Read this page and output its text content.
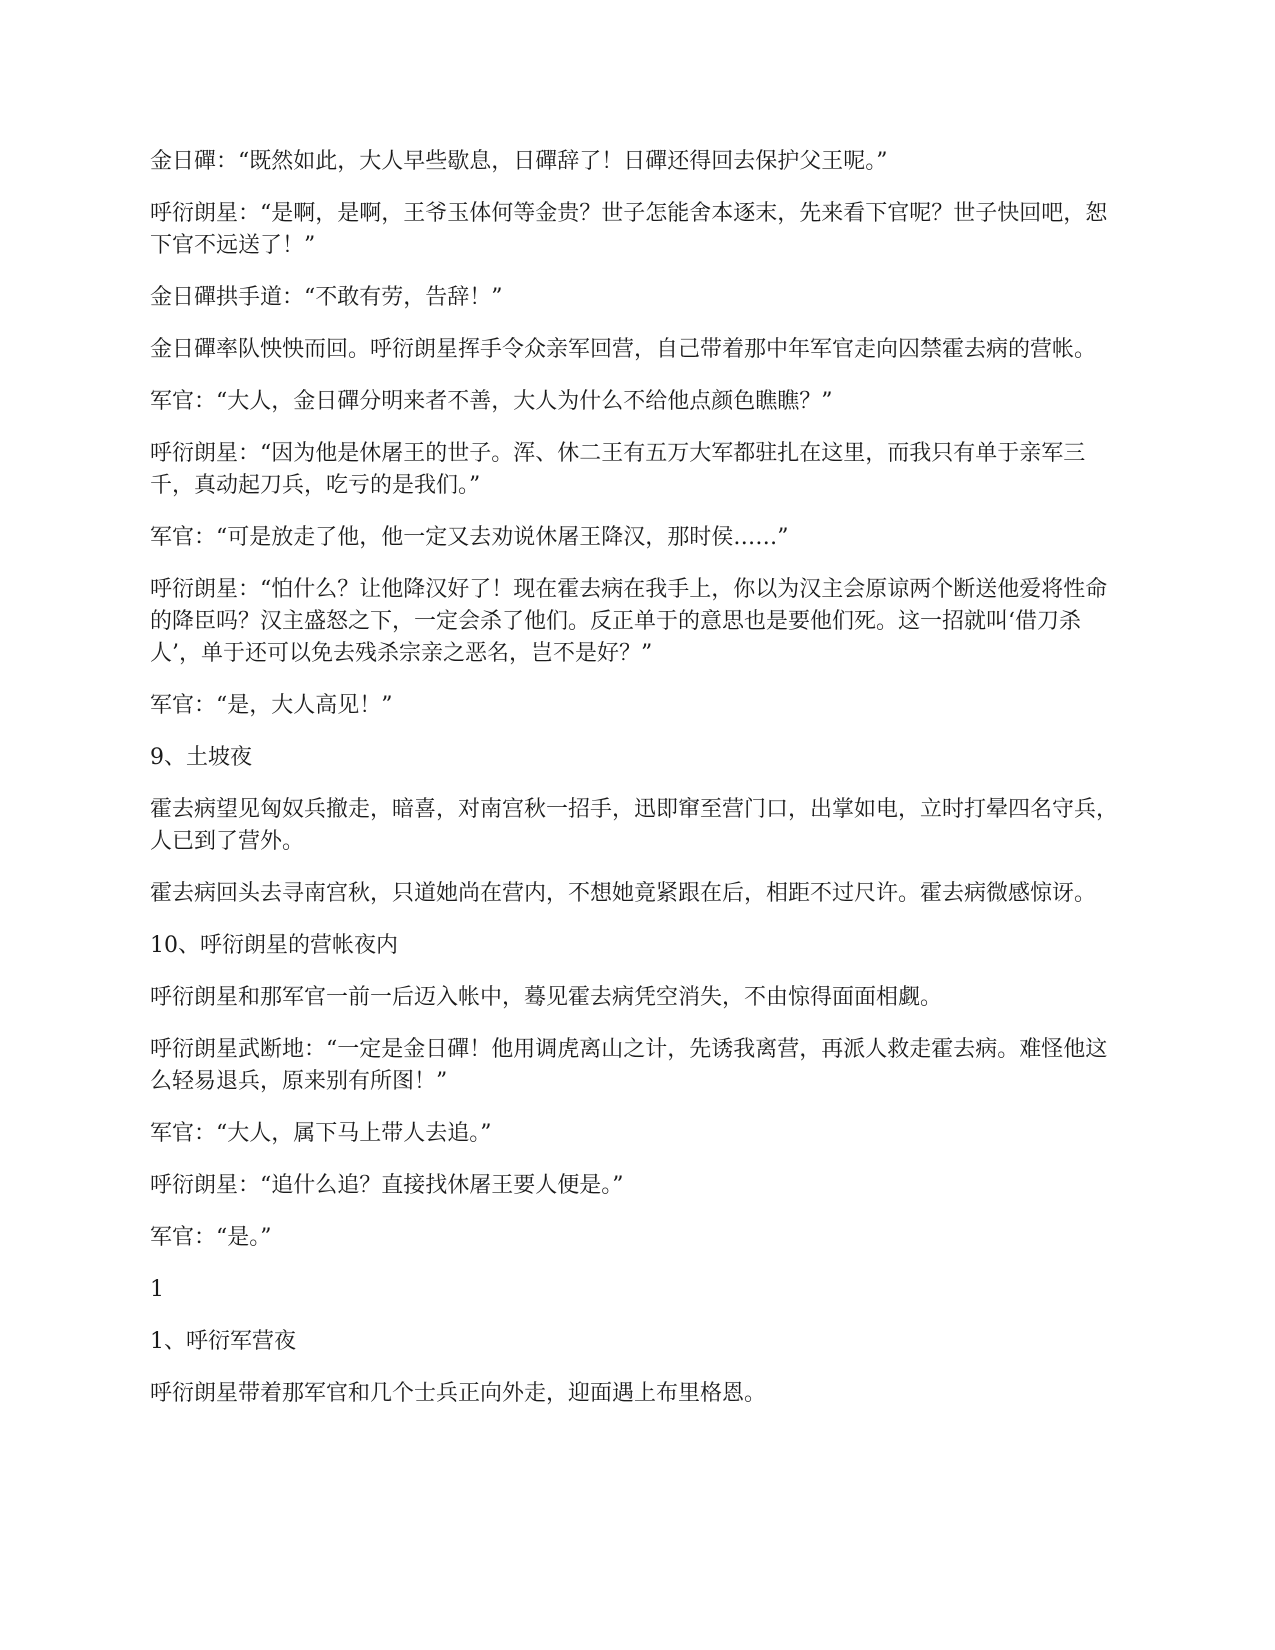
金日磾：“既然如此，大人早些歇息，日磾辞了！日磾还得回去保护父王呢。”

呼衍朗星：“是啊，是啊，王爷玉体何等金贵？世子怎能舍本逐末，先来看下官呢？世子快回吧，恕下官不远送了！”

金日磾拱手道：“不敢有劳，告辞！”

金日磾率队怏怏而回。呼衍朗星挥手令众亲军回营，自己带着那中年军官走向囚禁霍去病的营帐。

军官：“大人，金日磾分明来者不善，大人为什么不给他点颜色瞧瞧？”

呼衍朗星：“因为他是休屠王的世子。浑、休二王有五万大军都驻扎在这里，而我只有单于亲军三千，真动起刀兵，吃亏的是我们。”

军官：“可是放走了他，他一定又去劝说休屠王降汉，那时侯……”

呼衍朗星：“怕什么？让他降汉好了！现在霍去病在我手上，你以为汉主会原谅两个断送他爱将性命的降臣吗？汉主盛怒之下，一定会杀了他们。反正单于的意思也是要他们死。这一招就叫‘借刀杀人’，单于还可以免去残杀宗亲之恶名，岂不是好？”

军官：“是，大人高见！”

9、土坡夜

霍去病望见匈奴兵撤走，暗喜，对南宫秋一招手，迅即窜至营门口，出掌如电，立时打晕四名守兵，人已到了营外。

霍去病回头去寻南宫秋，只道她尚在营内，不想她竟紧跟在后，相距不过尺许。霍去病微感惊讶。

10、呼衍朗星的营帐夜内

呼衍朗星和那军官一前一后迈入帐中，蓦见霍去病凭空消失，不由惊得面面相觑。

呼衍朗星武断地：“一定是金日磾！他用调虎离山之计，先诱我离营，再派人救走霍去病。难怪他这么轻易退兵，原来别有所图！”

军官：“大人，属下马上带人去追。”

呼衍朗星：“追什么追？直接找休屠王要人便是。”

军官：“是。”

1

1、呼衍军营夜

呼衍朗星带着那军官和几个士兵正向外走，迎面遇上布里格恩。
